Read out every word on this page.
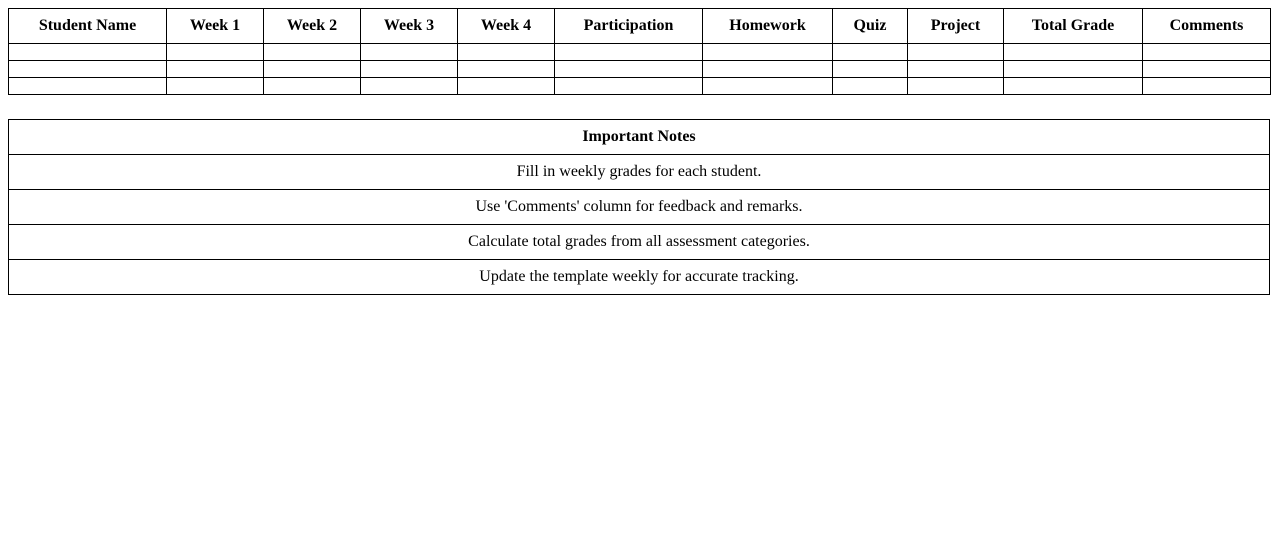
Student Name	Week 1	Week 2	Week 3	Week 4	Participation	Homework	Quiz	Project	Total Grade	Comments

Important Notes
Fill in weekly grades for each student.
Use 'Comments' column for feedback and remarks.
Calculate total grades from all assessment categories.
Update the template weekly for accurate tracking.
